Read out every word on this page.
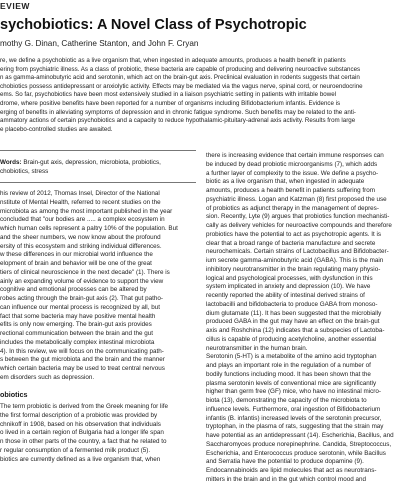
EVIEW
sychobiotics: A Novel Class of Psychotropic
mothy G. Dinan, Catherine Stanton, and John F. Cryan
re, we define a psychobiotic as a live organism that, when ingested in adequate amounts, produces a health benefit in patients
ering from psychiatric illness. As a class of probiotic, these bacteria are capable of producing and delivering neuroactive substances
n as gamma-aminobutyric acid and serotonin, which act on the brain-gut axis. Preclinical evaluation in rodents suggests that certain
chobiotics possess antidepressant or anxiolytic activity. Effects may be mediated via the vagus nerve, spinal cord, or neuroendocrine
ems. So far, psychobiotics have been most extensively studied in a liaison psychiatric setting in patients with irritable bowel
drome, where positive benefits have been reported for a number of organisms including Bifidobacterium infantis. Evidence is
erging of benefits in alleviating symptoms of depression and in chronic fatigue syndrome. Such benefits may be related to the anti-
ammatory actions of certain psychobiotics and a capacity to reduce hypothalamic-pituitary-adrenal axis activity. Results from large
e placebo-controlled studies are awaited.
Words: Brain-gut axis, depression, microbiota, probiotics,
chobiotics, stress
his review of 2012, Thomas Insel, Director of the National
nstitute of Mental Health, referred to recent studies on the
microbiota as among the most important published in the year
concluded that "our bodies are ..... a complex ecosystem in
which human cells represent a paltry 10% of the population. But
and the sheer numbers, we now know about the profound
ersity of this ecosystem and striking individual differences.
w these differences in our microbial world influence the
elopment of brain and behavior will be one of the great
tiers of clinical neuroscience in the next decade" (1). There is
ainly an expanding volume of evidence to support the view
cognitive and emotional processes can be altered by
robes acting through the brain-gut axis (2). That gut patho-
can influence our mental process is recognized by all, but
fact that some bacteria may have positive mental health
efits is only now emerging. The brain-gut axis provides
rectional communication between the brain and the gut
includes the metabolically complex intestinal microbiota
4). In this review, we will focus on the communicating path-
s between the gut microbiota and the brain and the manner
which certain bacteria may be used to treat central nervous
em disorders such as depression.
obiotics
The term probiotic is derived from the Greek meaning for life
the first formal description of a probiotic was provided by
chnikoff in 1908, based on his observation that individuals
o lived in a certain region of Bulgaria had a longer life span
n those in other parts of the country, a fact that he related to
r regular consumption of a fermented milk product (5).
biotics are currently defined as a live organism that, when
there is increasing evidence that certain immune responses can
be induced by dead probiotic microorganisms (7), which adds
a further layer of complexity to the issue. We define a psycho-
biotic as a live organism that, when ingested in adequate
amounts, produces a health benefit in patients suffering from
psychiatric illness. Logan and Katzman (8) first proposed the use
of probiotics as adjunct therapy in the management of depres-
sion. Recently, Lyte (9) argues that probiotics function mechanisti-
cally as delivery vehicles for neuroactive compounds and therefore
probiotics have the potential to act as psychotropic agents. It is
clear that a broad range of bacteria manufacture and secrete
neurochemicals. Certain strains of Lactobacillus and Bifidobacter-
ium secrete gamma-aminobutyric acid (GABA). This is the main
inhibitory neurotransmitter in the brain regulating many physio-
logical and psychological processes, with dysfunction in this
system implicated in anxiety and depression (10). We have
recently reported the ability of intestinal derived strains of
lactobacilli and bifidobacteria to produce GABA from monoso-
dium glutamate (11). It has been suggested that the microbially
produced GABA in the gut may have an effect on the brain-gut
axis and Roshchina (12) indicates that a subspecies of Lactoba-
cillus is capable of producing acetylcholine, another essential
neurotransmitter in the human brain.
Serotonin (5-HT) is a metabolite of the amino acid tryptophan
and plays an important role in the regulation of a number of
bodily functions including mood. It has been shown that the
plasma serotonin levels of conventional mice are significantly
higher than germ free (GF) mice, who have no intestinal micro-
biota (13), demonstrating the capacity of the microbiota to
influence levels. Furthermore, oral ingestion of Bifidobacterium
infantis (B. infantis) increased levels of the serotonin precursor,
tryptophan, in the plasma of rats, suggesting that the strain may
have potential as an antidepressant (14). Escherichia, Bacillus, and
Saccharomyces produce norepinephrine. Candida, Streptococcus,
Escherichia, and Enterococcus produce serotonin, while Bacillus
and Serratia have the potential to produce dopamine (9).
Endocannabinoids are lipid molecules that act as neurotrans-
mitters in the brain and in the gut which control mood and
